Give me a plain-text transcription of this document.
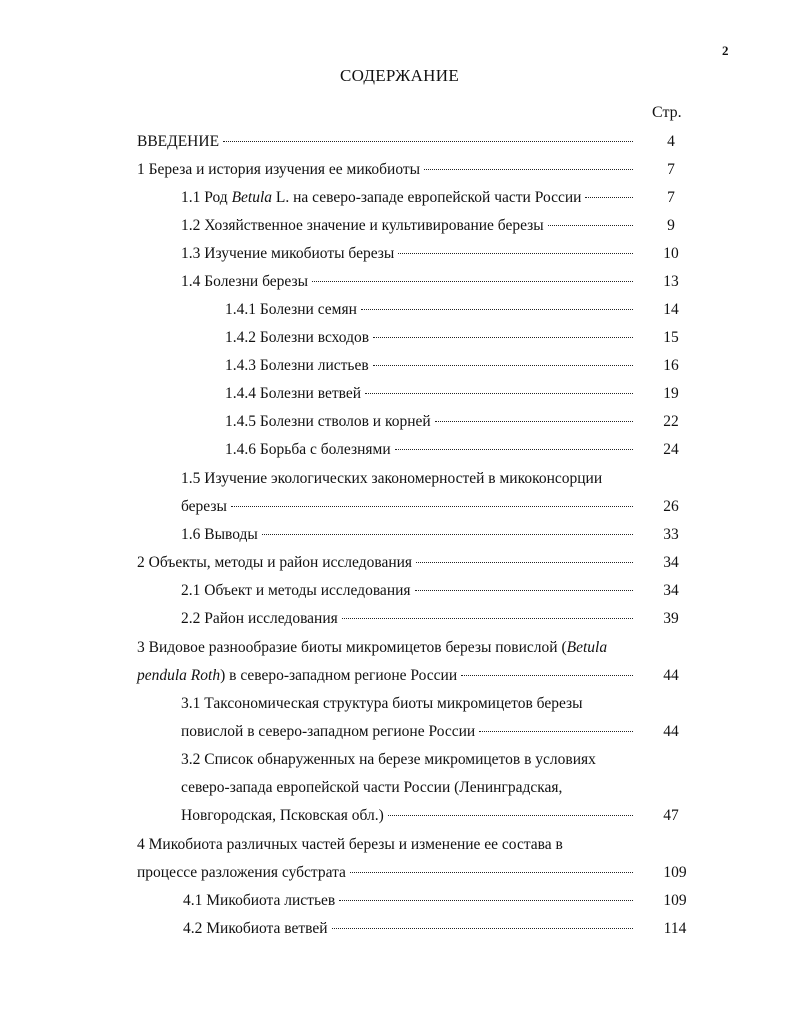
2
СОДЕРЖАНИЕ
Стр.
ВВЕДЕНИЕ	4
1 Береза и история изучения ее микобиоты	7
1.1 Род Betula L. на северо-западе европейской части России	7
1.2 Хозяйственное значение и культивирование березы	9
1.3 Изучение микобиоты березы	10
1.4 Болезни березы	13
1.4.1 Болезни семян	14
1.4.2 Болезни всходов	15
1.4.3 Болезни листьев	16
1.4.4 Болезни ветвей	19
1.4.5 Болезни стволов и корней	22
1.4.6 Борьба с болезнями	24
1.5 Изучение экологических закономерностей в микоконсорции
березы	26
1.6 Выводы	33
2 Объекты, методы и район исследования	34
2.1 Объект и методы исследования	34
2.2 Район исследования	39
3 Видовое разнообразие биоты микромицетов березы повислой (Betula
pendula Roth) в северо-западном регионе России	44
3.1 Таксономическая структура биоты микромицетов березы
повислой в северо-западном регионе России	44
3.2 Список обнаруженных на березе микромицетов в условиях
северо-запада европейской части России (Ленинградская,
Новгородская, Псковская обл.)	47
4 Микобиота различных частей березы и изменение ее состава в
процессе разложения субстрата	109
4.1 Микобиота листьев	109
4.2 Микобиота ветвей	114
